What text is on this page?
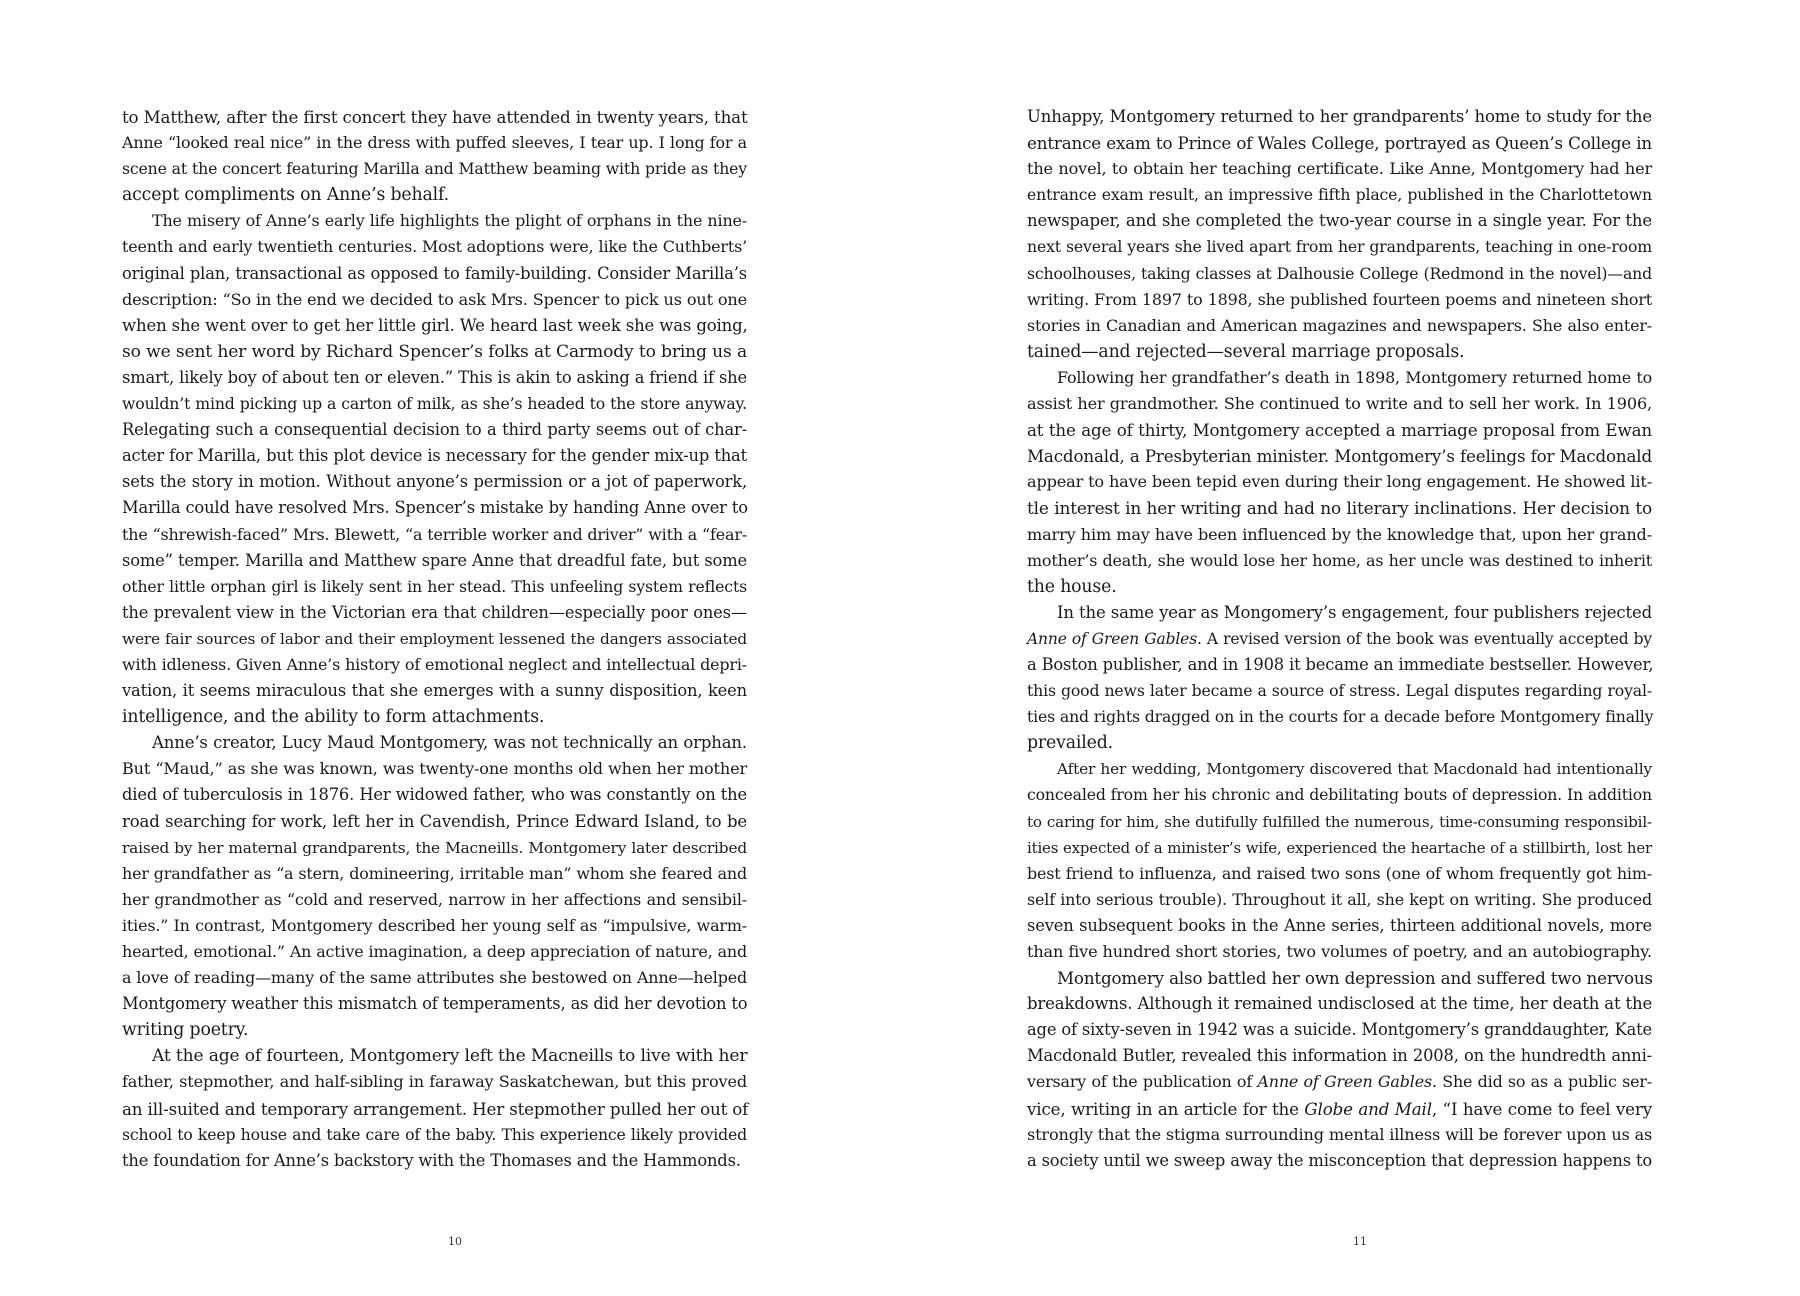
to Matthew, after the first concert they have attended in twenty years, that
Anne “looked real nice” in the dress with puffed sleeves, I tear up. I long for a
scene at the concert featuring Marilla and Matthew beaming with pride as they
accept compliments on Anne’s behalf.
The misery of Anne’s early life highlights the plight of orphans in the nine-
teenth and early twentieth centuries. Most adoptions were, like the Cuthberts’
original plan, transactional as opposed to family-building. Consider Marilla’s
description: “So in the end we decided to ask Mrs. Spencer to pick us out one
when she went over to get her little girl. We heard last week she was going,
so we sent her word by Richard Spencer’s folks at Carmody to bring us a
smart, likely boy of about ten or eleven.” This is akin to asking a friend if she
wouldn’t mind picking up a carton of milk, as she’s headed to the store anyway.
Relegating such a consequential decision to a third party seems out of char-
acter for Marilla, but this plot device is necessary for the gender mix-up that
sets the story in motion. Without anyone’s permission or a jot of paperwork,
Marilla could have resolved Mrs. Spencer’s mistake by handing Anne over to
the “shrewish-faced” Mrs. Blewett, “a terrible worker and driver” with a “fear-
some” temper. Marilla and Matthew spare Anne that dreadful fate, but some
other little orphan girl is likely sent in her stead. This unfeeling system reflects
the prevalent view in the Victorian era that children—especially poor ones—
were fair sources of labor and their employment lessened the dangers associated
with idleness. Given Anne’s history of emotional neglect and intellectual depri-
vation, it seems miraculous that she emerges with a sunny disposition, keen
intelligence, and the ability to form attachments.
Anne’s creator, Lucy Maud Montgomery, was not technically an orphan.
But “Maud,” as she was known, was twenty-one months old when her mother
died of tuberculosis in 1876. Her widowed father, who was constantly on the
road searching for work, left her in Cavendish, Prince Edward Island, to be
raised by her maternal grandparents, the Macneills. Montgomery later described
her grandfather as “a stern, domineering, irritable man” whom she feared and
her grandmother as “cold and reserved, narrow in her affections and sensibil-
ities.” In contrast, Montgomery described her young self as “impulsive, warm-
hearted, emotional.” An active imagination, a deep appreciation of nature, and
a love of reading—many of the same attributes she bestowed on Anne—helped
Montgomery weather this mismatch of temperaments, as did her devotion to
writing poetry.
At the age of fourteen, Montgomery left the Macneills to live with her
father, stepmother, and half-sibling in faraway Saskatchewan, but this proved
an ill-suited and temporary arrangement. Her stepmother pulled her out of
school to keep house and take care of the baby. This experience likely provided
the foundation for Anne’s backstory with the Thomases and the Hammonds.
Unhappy, Montgomery returned to her grandparents’ home to study for the
entrance exam to Prince of Wales College, portrayed as Queen’s College in
the novel, to obtain her teaching certificate. Like Anne, Montgomery had her
entrance exam result, an impressive fifth place, published in the Charlottetown
newspaper, and she completed the two-year course in a single year. For the
next several years she lived apart from her grandparents, teaching in one-room
schoolhouses, taking classes at Dalhousie College (Redmond in the novel)—and
writing. From 1897 to 1898, she published fourteen poems and nineteen short
stories in Canadian and American magazines and newspapers. She also enter-
tained—and rejected—several marriage proposals.
Following her grandfather’s death in 1898, Montgomery returned home to
assist her grandmother. She continued to write and to sell her work. In 1906,
at the age of thirty, Montgomery accepted a marriage proposal from Ewan
Macdonald, a Presbyterian minister. Montgomery’s feelings for Macdonald
appear to have been tepid even during their long engagement. He showed lit-
tle interest in her writing and had no literary inclinations. Her decision to
marry him may have been influenced by the knowledge that, upon her grand-
mother’s death, she would lose her home, as her uncle was destined to inherit
the house.
In the same year as Mongomery’s engagement, four publishers rejected
Anne of Green Gables. A revised version of the book was eventually accepted by
a Boston publisher, and in 1908 it became an immediate bestseller. However,
this good news later became a source of stress. Legal disputes regarding royal-
ties and rights dragged on in the courts for a decade before Montgomery finally
prevailed.
After her wedding, Montgomery discovered that Macdonald had intentionally
concealed from her his chronic and debilitating bouts of depression. In addition
to caring for him, she dutifully fulfilled the numerous, time-consuming responsibil-
ities expected of a minister’s wife, experienced the heartache of a stillbirth, lost her
best friend to influenza, and raised two sons (one of whom frequently got him-
self into serious trouble). Throughout it all, she kept on writing. She produced
seven subsequent books in the Anne series, thirteen additional novels, more
than five hundred short stories, two volumes of poetry, and an autobiography.
Montgomery also battled her own depression and suffered two nervous
breakdowns. Although it remained undisclosed at the time, her death at the
age of sixty-seven in 1942 was a suicide. Montgomery’s granddaughter, Kate
Macdonald Butler, revealed this information in 2008, on the hundredth anni-
versary of the publication of Anne of Green Gables. She did so as a public ser-
vice, writing in an article for the Globe and Mail, “I have come to feel very
strongly that the stigma surrounding mental illness will be forever upon us as
a society until we sweep away the misconception that depression happens to
10	11
